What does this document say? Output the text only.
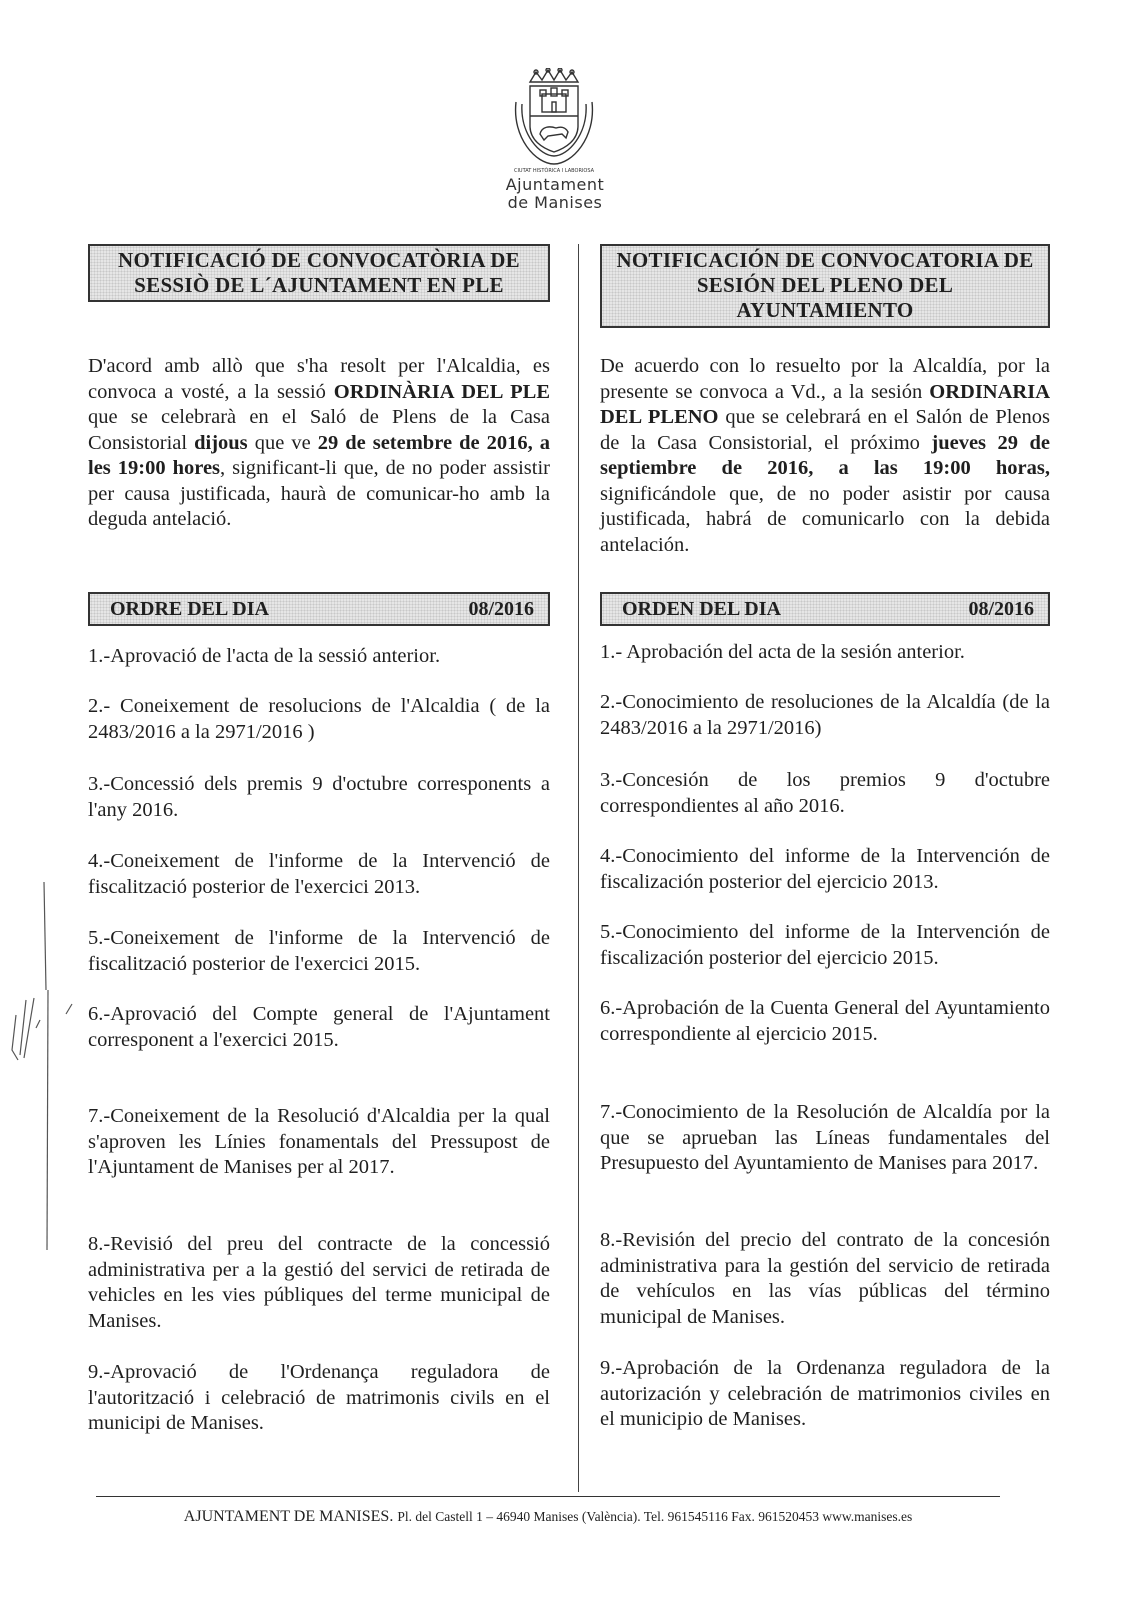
CIUTAT HISTÒRICA I LABORIOSA
Ajuntament
de Manises
NOTIFICACIÓ DE CONVOCATÒRIA DE SESSIÒ DE L´AJUNTAMENT EN PLE
D'acord amb allò que s'ha resolt per l'Alcaldia, es convoca a vosté, a la sessió ORDINÀRIA DEL PLE que se celebrarà en el Saló de Plens de la Casa Consistorial dijous que ve 29 de setembre de 2016, a les 19:00 hores, significant-li que, de no poder assistir per causa justificada, haurà de comunicar-ho amb la deguda antelació.
ORDRE DEL DIA	08/2016
1.-Aprovació de l'acta de la sessió anterior.
2.- Coneixement de resolucions de l'Alcaldia ( de la 2483/2016 a la 2971/2016 )
3.-Concessió dels premis 9 d'octubre corresponents a l'any 2016.
4.-Coneixement de l'informe de la Intervenció de fiscalització posterior de l'exercici 2013.
5.-Coneixement de l'informe de la Intervenció de fiscalització posterior de l'exercici 2015.
6.-Aprovació del Compte general de l'Ajuntament corresponent a l'exercici 2015.
7.-Coneixement de la Resolució d'Alcaldia per la qual s'aproven les Línies fonamentals del Pressupost de l'Ajuntament de Manises per al 2017.
8.-Revisió del preu del contracte de la concessió administrativa per a la gestió del servici de retirada de vehicles en les vies públiques del terme municipal de Manises.
9.-Aprovació de l'Ordenança reguladora de l'autorització i celebració de matrimonis civils en el municipi de Manises.
NOTIFICACIÓN DE CONVOCATORIA DE SESIÓN DEL PLENO DEL AYUNTAMIENTO
De acuerdo con lo resuelto por la Alcaldía, por la presente se convoca a Vd., a la sesión ORDINARIA DEL PLENO que se celebrará en el Salón de Plenos de la Casa Consistorial, el próximo jueves 29 de septiembre de 2016, a las 19:00 horas, significándole que, de no poder asistir por causa justificada, habrá de comunicarlo con la debida antelación.
ORDEN DEL DIA	08/2016
1.- Aprobación del acta de la sesión anterior.
2.-Conocimiento de resoluciones de la Alcaldía (de la 2483/2016 a la 2971/2016)
3.-Concesión de los premios 9 d'octubre correspondientes al año 2016.
4.-Conocimiento del informe de la Intervención de fiscalización posterior del ejercicio 2013.
5.-Conocimiento del informe de la Intervención de fiscalización posterior del ejercicio 2015.
6.-Aprobación de la Cuenta General del Ayuntamiento correspondiente al ejercicio 2015.
7.-Conocimiento de la Resolución de Alcaldía por la que se aprueban las Líneas fundamentales del Presupuesto del Ayuntamiento de Manises para 2017.
8.-Revisión del precio del contrato de la concesión administrativa para la gestión del servicio de retirada de vehículos en las vías públicas del término municipal de Manises.
9.-Aprobación de la Ordenanza reguladora de la autorización y celebración de matrimonios civiles en el municipio de Manises.
AJUNTAMENT DE MANISES. Pl. del Castell 1 – 46940 Manises (València). Tel. 961545116 Fax. 961520453 www.manises.es
